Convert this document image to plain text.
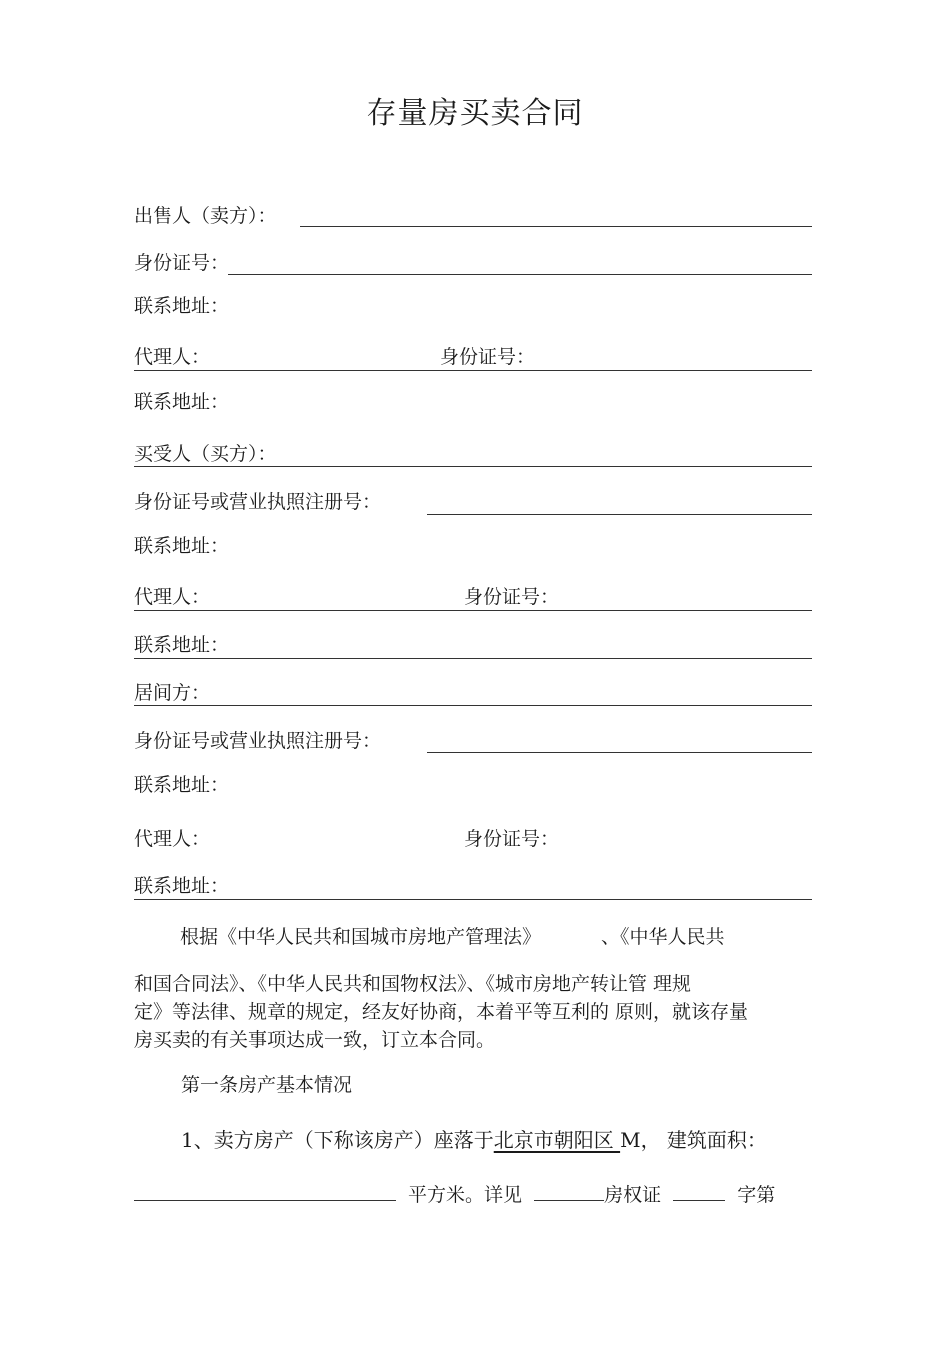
存量房买卖合同
出售人（卖方）：
身份证号：
联系地址：
代理人：	身份证号：
联系地址：
买受人（买方）：
身份证号或营业执照注册号：
联系地址：
代理人：	身份证号：
联系地址：
居间方：
身份证号或营业执照注册号：
联系地址：
代理人：	身份证号：
联系地址：
根据《中华人民共和国城市房地产管理法》	、《中华人民共
和国合同法》、《中华人民共和国物权法》、《城市房地产转让管 理规
定》等法律、规章的规定，经友好协商，本着平等互利的 原则，就该存量
房买卖的有关事项达成一致，订立本合同。
第一条房产基本情况
1、卖方房产（下称该房产）座落于北京市朝阳区 M， 建筑面积：
平方米。详见	房权证	字第
